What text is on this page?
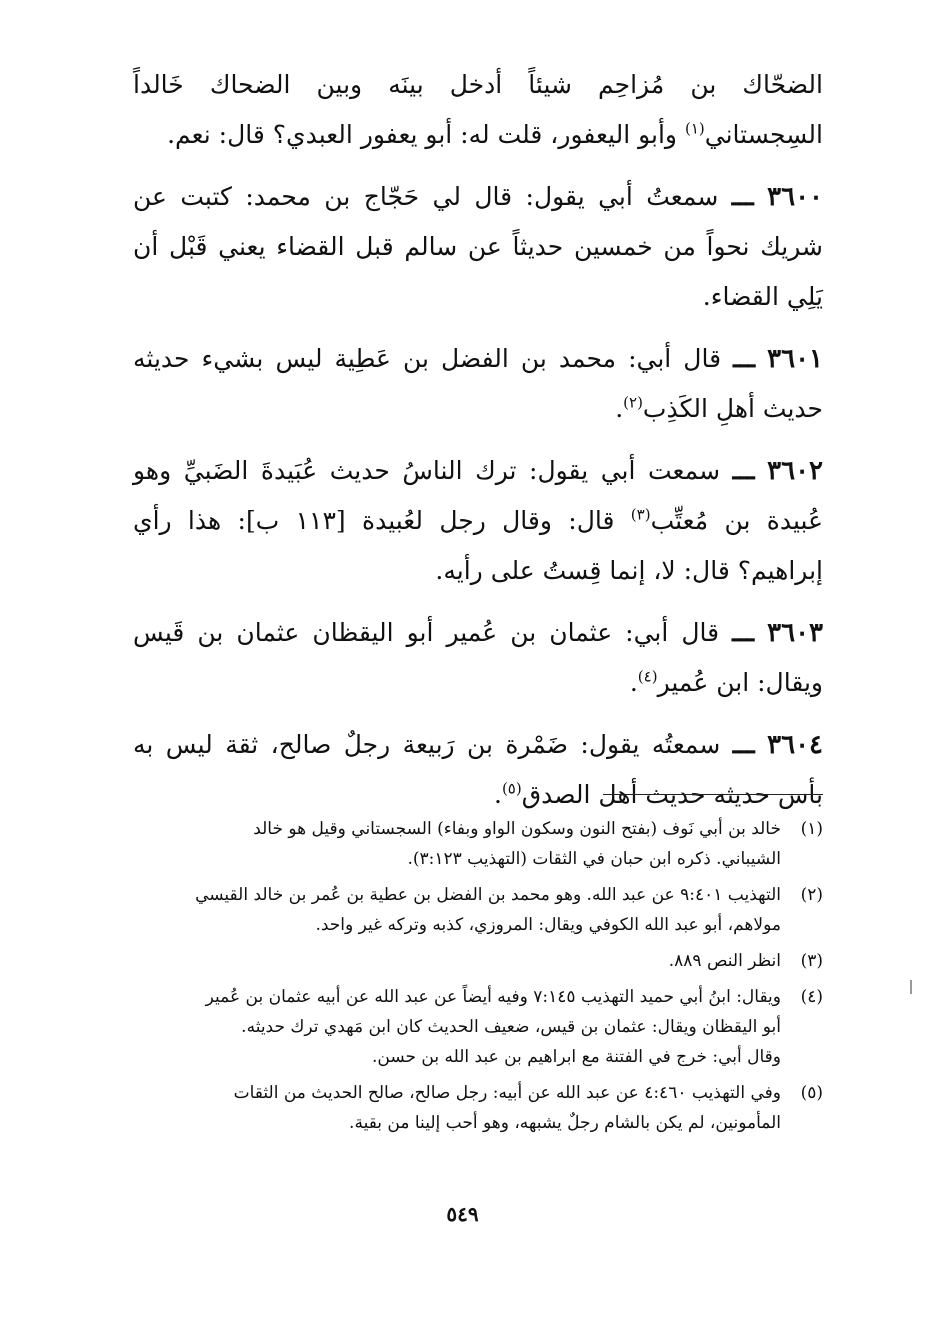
الضحّاك بن مُزاحِم شيئاً أدخل بينَه وبين الضحاك خَالداً السِجستاني$^{(١)}$ وأبو اليعفور، قلت له: أبو يعفور العبدي؟ قال: نعم.

٣٦٠٠ ـــ سمعتُ أبي يقول: قال لي حَجّاج بن محمد: كتبت عن شريك نحواً من خمسين حديثاً عن سالم قبل القضاء يعني قَبْل أن يَلِي القضاء.

٣٦٠١ ـــ قال أبي: محمد بن الفضل بن عَطِية ليس بشيء حديثه حديث أهلِ الكَذِب$^{(٢)}$.

٣٦٠٢ ـــ سمعت أبي يقول: ترك الناسُ حديث عُبَيدةَ الضَبيِّ وهو عُبيدة بن مُعتِّب$^{(٣)}$ قال: وقال رجل لعُبيدة [١١٣ ب]: هذا رأي إبراهيم؟ قال: لا، إنما قِستُ على رأيه.

٣٦٠٣ ـــ قال أبي: عثمان بن عُمير أبو اليقظان عثمان بن قَيس ويقال: ابن عُمير$^{(٤)}$.

٣٦٠٤ ـــ سمعتُه يقول: ضَمْرة بن رَبيعة رجلٌ صالح، ثقة ليس به بأس حديثه حديث أهل الصدق$^{(٥)}$.

(١)
خالد بن أبي نَوف (بفتح النون وسكون الواو وبفاء) السجستاني وقيل هو خالد
الشيباني. ذكره ابن حبان في الثقات (التهذيب ٣:١٢٣).
(٢)
التهذيب ٩:٤٠١ عن عبد الله. وهو محمد بن الفضل بن عطية بن عُمر بن خالد القيسي
مولاهم، أبو عبد الله الكوفي ويقال: المروزي، كذبه وتركه غير واحد.
(٣)
انظر النص ٨٨٩.
(٤)
ويقال: ابنُ أبي حميد التهذيب ٧:١٤٥ وفيه أيضاً عن عبد الله عن أبيه عثمان بن عُمير
أبو اليقظان ويقال: عثمان بن قيس، ضعيف الحديث كان ابن مَهدي ترك حديثه.
وقال أبي: خرج في الفتنة مع ابراهيم بن عبد الله بن حسن.
(٥)
وفي التهذيب ٤:٤٦٠ عن عبد الله عن أبيه: رجل صالح، صالح الحديث من الثقات
المأمونين، لم يكن بالشام رجلٌ يشبهه، وهو أحب إلينا من بقية.
٥٤٩
